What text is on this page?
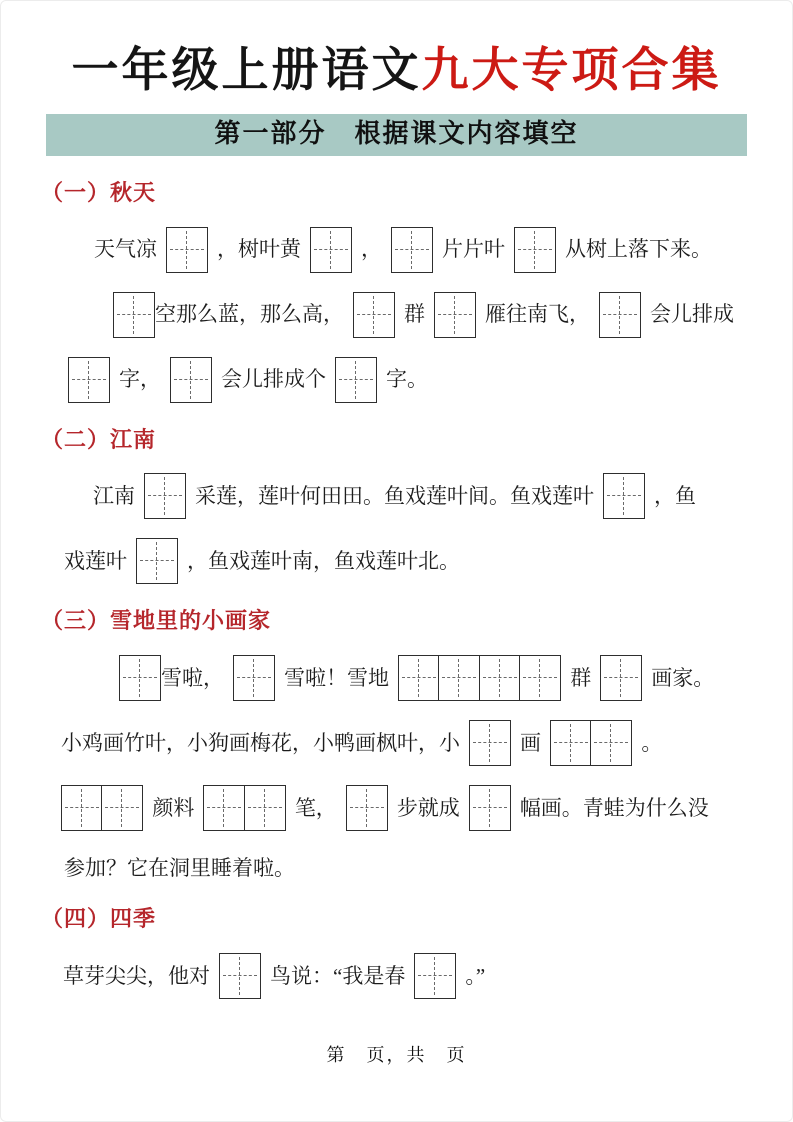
一年级上册语文九大专项合集
第一部分　根据课文内容填空
（一）秋天
天气凉	，树叶黄	，	片片叶	从树上落下来。
空那么蓝，那么高，	群	雁往南飞，	会儿排成
字，	会儿排成个	字。
（二）江南
江南	采莲，莲叶何田田。鱼戏莲叶间。鱼戏莲叶	，鱼
戏莲叶	，鱼戏莲叶南，鱼戏莲叶北。
（三）雪地里的小画家
雪啦，	雪啦！雪地	群	画家。
小鸡画竹叶，小狗画梅花，小鸭画枫叶，小	画	。
颜料	笔，	步就成	幅画。青蛙为什么没
参加？它在洞里睡着啦。
（四）四季
草芽尖尖，他对	鸟说：“我是春	。”
第　页，共　页
